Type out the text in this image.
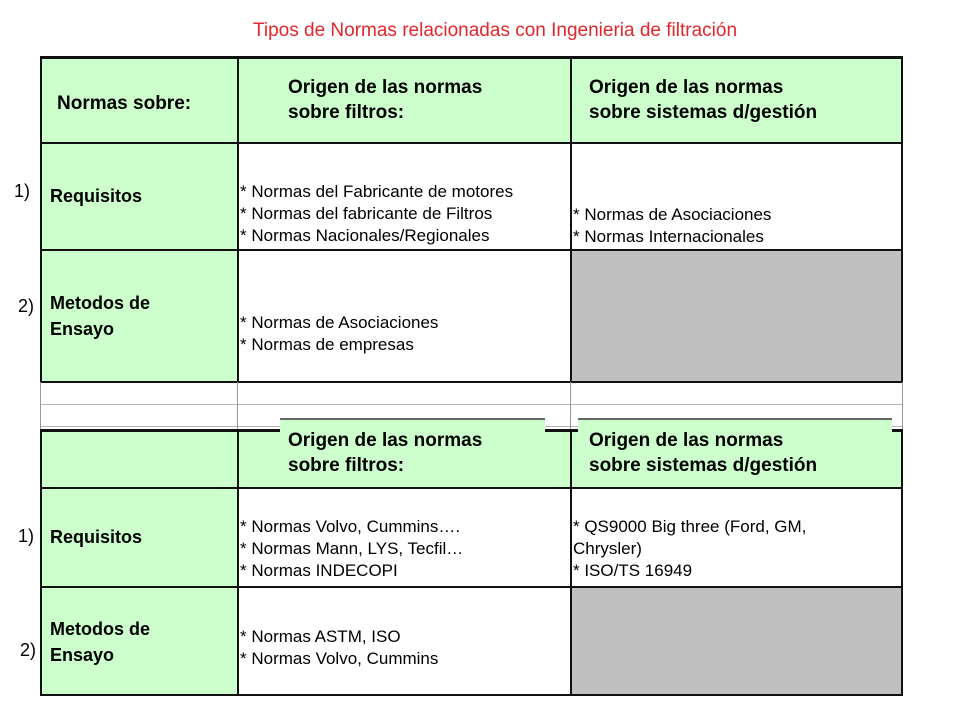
Tipos de Normas relacionadas con Ingenieria de filtración
Normas sobre:
Origen de las normas
sobre filtros:
Origen de las normas
sobre sistemas d/gestión
1) Requisitos	* Normas del Fabricante de motores
* Normas del fabricante de Filtros
* Normas Nacionales/Regionales
* Normas de Asociaciones
* Normas Internacionales
2) Metodos de
Ensayo	* Normas de Asociaciones
* Normas de empresas
Origen de las normas
sobre filtros:
Origen de las normas
sobre sistemas d/gestión
1) Requisitos
* Normas Volvo, Cummins….
* Normas Mann, LYS, Tecfil…
* Normas INDECOPI
* QS9000 Big three (Ford, GM,
Chrysler)
* ISO/TS 16949
2)
Metodos de
Ensayo
* Normas ASTM, ISO
* Normas Volvo, Cummins
